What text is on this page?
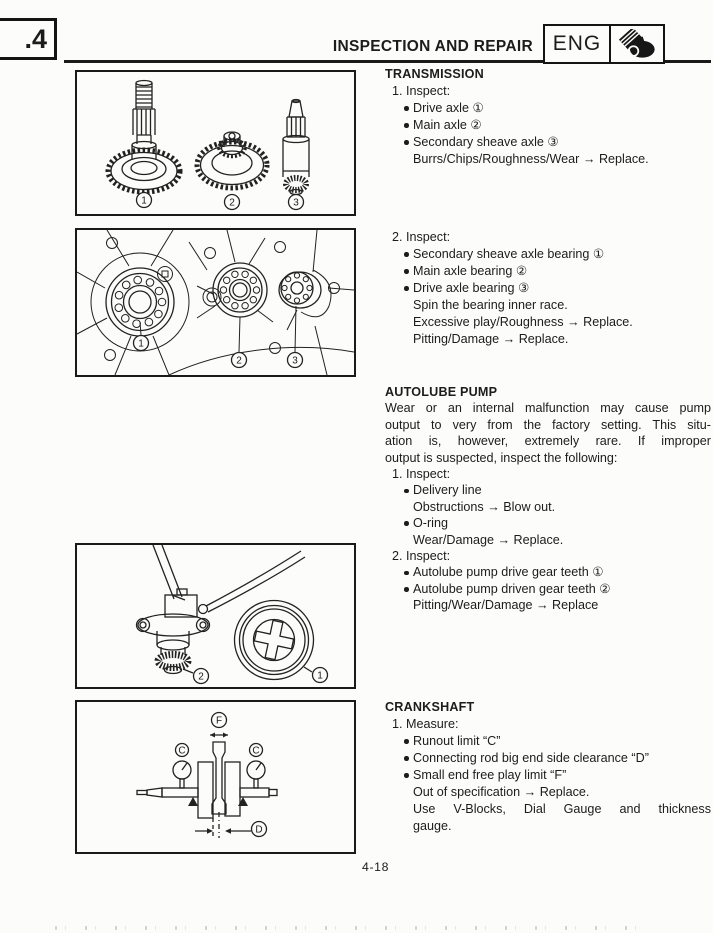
.4	INSPECTION AND REPAIR ENG
1	2	3
1
2	3
2	1
F
C	C
D
TRANSMISSION
1. Inspect:
Drive axle ①
Main axle ②
Secondary sheave axle ③
Burrs/Chips/Roughness/Wear → Replace.
2. Inspect:
Secondary sheave axle bearing ①
Main axle bearing ②
Drive axle bearing ③
Spin the bearing inner race.
Excessive play/Roughness → Replace.
Pitting/Damage → Replace.
AUTOLUBE PUMP
Wear or an internal malfunction may cause pump
output to very from the factory setting. This situ-
ation is, however, extremely rare. If improper
output is suspected, inspect the following:
1. Inspect:
Delivery line
Obstructions → Blow out.
O-ring
Wear/Damage → Replace.
2. Inspect:
Autolube pump drive gear teeth ①
Autolube pump driven gear teeth ②
Pitting/Wear/Damage → Replace
CRANKSHAFT
1. Measure:
Runout limit “C”
Connecting rod big end side clearance “D”
Small end free play limit “F”
Out of specification → Replace.
Use V-Blocks, Dial Gauge and thickness
gauge.
4-18
